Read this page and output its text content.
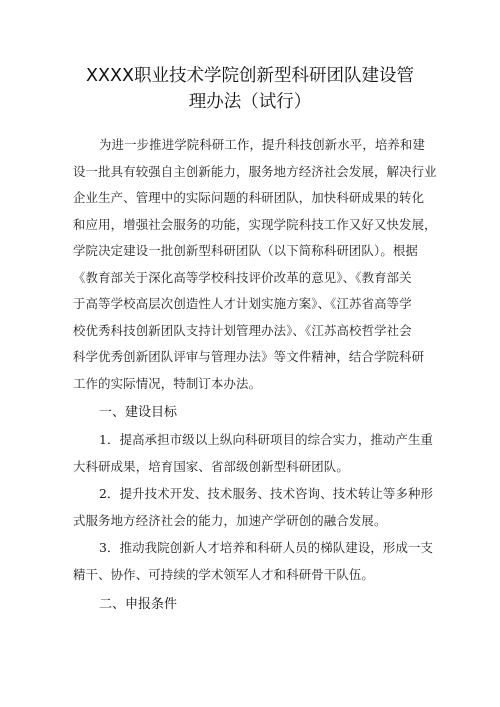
XXXX职业技术学院创新型科研团队建设管
理办法（试行）
为进一步推进学院科研工作，提升科技创新水平，培养和建
设一批具有较强自主创新能力，服务地方经济社会发展，解决行业
企业生产、管理中的实际问题的科研团队，加快科研成果的转化
和应用，增强社会服务的功能，实现学院科技工作又好又快发展，
学院决定建设一批创新型科研团队（以下简称科研团队）。根据
《教育部关于深化高等学校科技评价改革的意见》、《教育部关
于高等学校高层次创造性人才计划实施方案》、《江苏省高等学
校优秀科技创新团队支持计划管理办法》、《江苏高校哲学社会
科学优秀创新团队评审与管理办法》等文件精神，结合学院科研
工作的实际情况，特制订本办法。
一、建设目标
1．提高承担市级以上纵向科研项目的综合实力，推动产生重
大科研成果，培育国家、省部级创新型科研团队。
2．提升技术开发、技术服务、技术咨询、技术转让等多种形
式服务地方经济社会的能力，加速产学研创的融合发展。
3．推动我院创新人才培养和科研人员的梯队建设，形成一支
精干、协作、可持续的学术领军人才和科研骨干队伍。
二、申报条件
